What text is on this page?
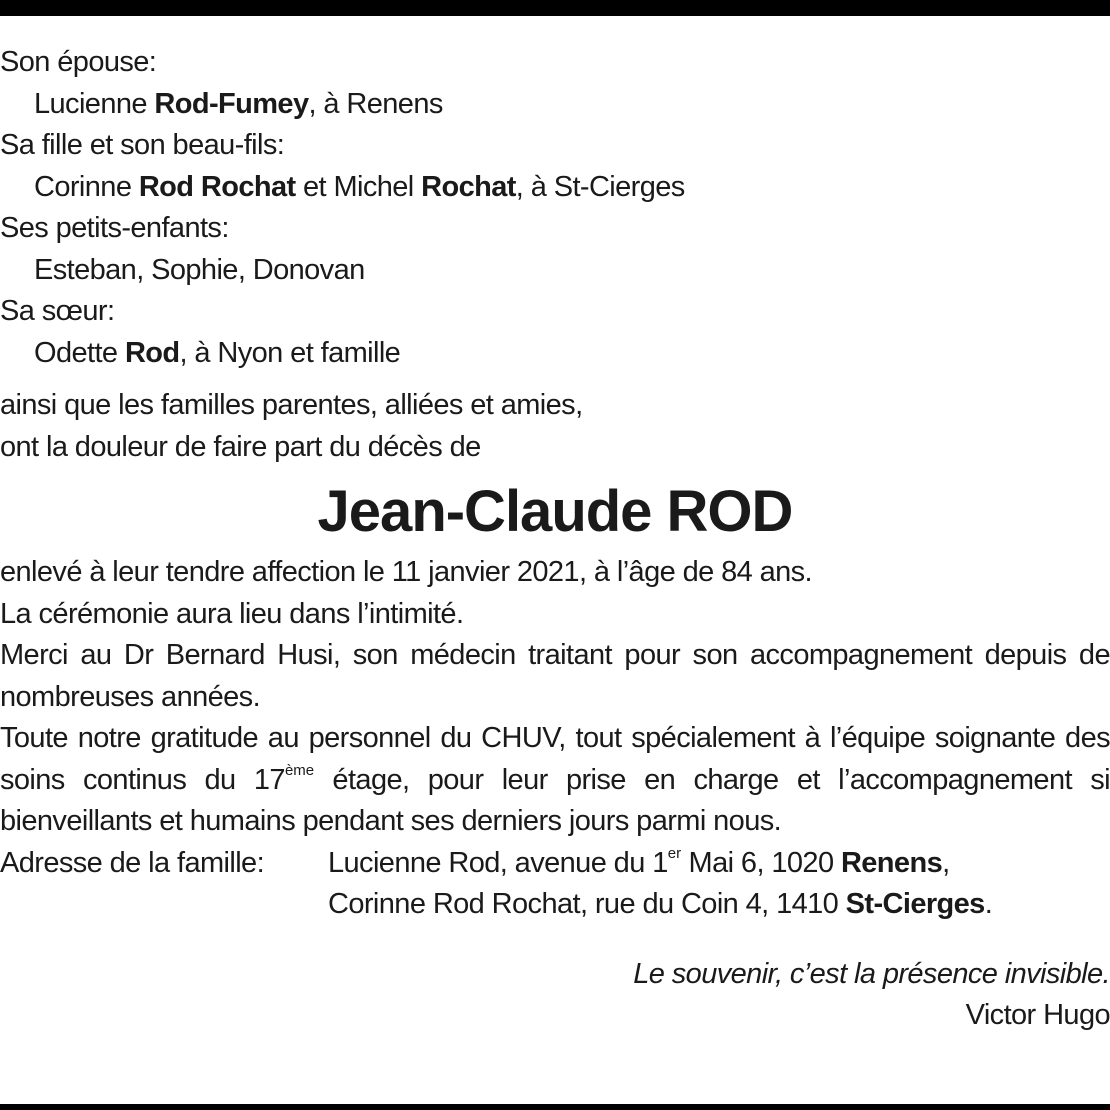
Son épouse:
Lucienne Rod-Fumey, à Renens
Sa fille et son beau-fils:
Corinne Rod Rochat et Michel Rochat, à St-Cierges
Ses petits-enfants:
Esteban, Sophie, Donovan
Sa sœur:
Odette Rod, à Nyon et famille
ainsi que les familles parentes, alliées et amies,
ont la douleur de faire part du décès de
Jean-Claude ROD
enlevé à leur tendre affection le 11 janvier 2021, à l’âge de 84 ans.
La cérémonie aura lieu dans l’intimité.
Merci au Dr Bernard Husi, son médecin traitant pour son accompagnement depuis de nombreuses années.
Toute notre gratitude au personnel du CHUV, tout spécialement à l’équipe soignante des soins continus du 17ème étage, pour leur prise en charge et l’accompagnement si bienveillants et humains pendant ses derniers jours parmi nous.
Adresse de la famille: Lucienne Rod, avenue du 1er Mai 6, 1020 Renens,
Corinne Rod Rochat, rue du Coin 4, 1410 St-Cierges.
Le souvenir, c’est la présence invisible.
Victor Hugo
